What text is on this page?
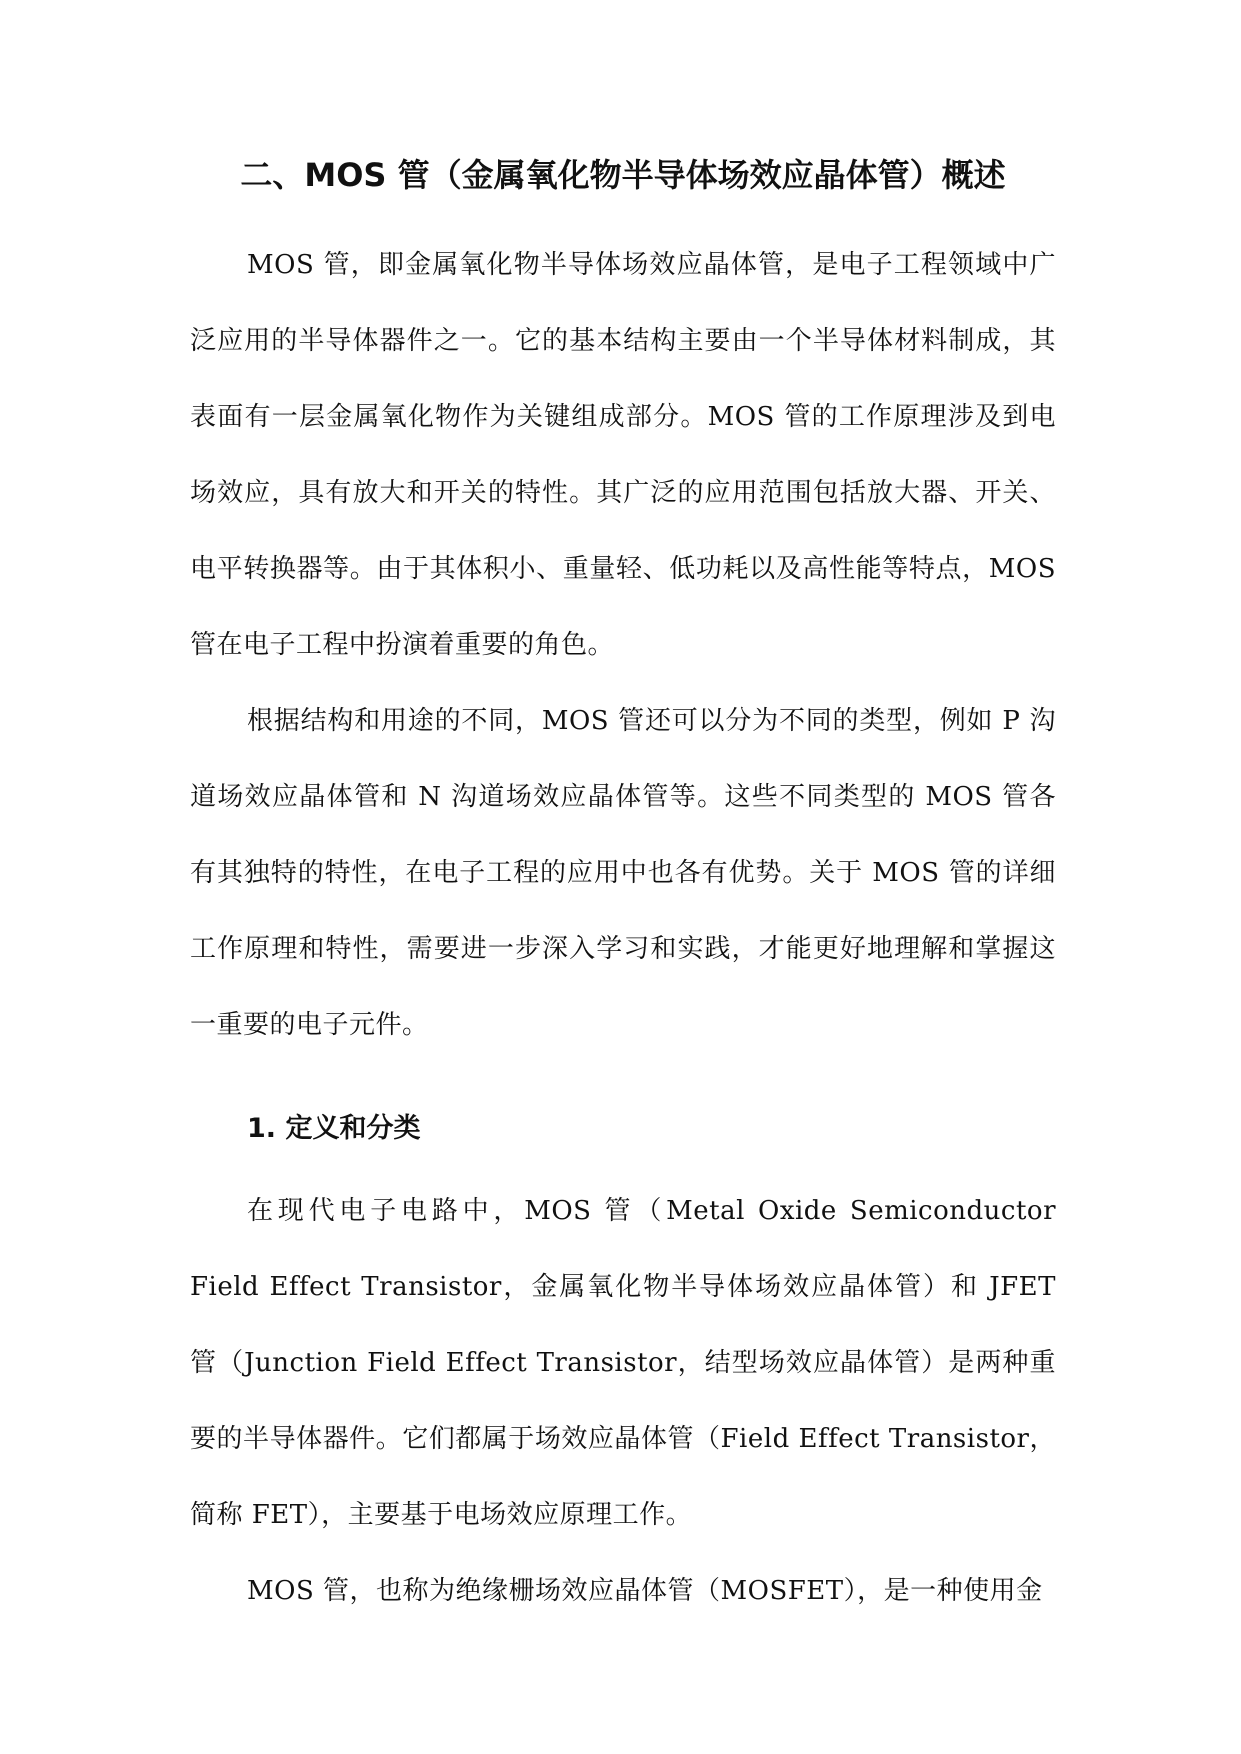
二、MOS 管（金属氧化物半导体场效应晶体管）概述

MOS 管，即金属氧化物半导体场效应晶体管，是电子工程领域中广泛应用的半导体器件之一。它的基本结构主要由一个半导体材料制成，其表面有一层金属氧化物作为关键组成部分。MOS 管的工作原理涉及到电场效应，具有放大和开关的特性。其广泛的应用范围包括放大器、开关、电平转换器等。由于其体积小、重量轻、低功耗以及高性能等特点，MOS 管在电子工程中扮演着重要的角色。

根据结构和用途的不同，MOS 管还可以分为不同的类型，例如 P 沟道场效应晶体管和 N 沟道场效应晶体管等。这些不同类型的 MOS 管各有其独特的特性，在电子工程的应用中也各有优势。关于 MOS 管的详细工作原理和特性，需要进一步深入学习和实践，才能更好地理解和掌握这一重要的电子元件。

1. 定义和分类

在现代电子电路中，MOS 管（Metal Oxide Semiconductor Field Effect Transistor，金属氧化物半导体场效应晶体管）和 JFET 管（Junction Field Effect Transistor，结型场效应晶体管）是两种重要的半导体器件。它们都属于场效应晶体管（Field Effect Transistor，简称 FET），主要基于电场效应原理工作。

MOS 管，也称为绝缘栅场效应晶体管（MOSFET），是一种使用金
